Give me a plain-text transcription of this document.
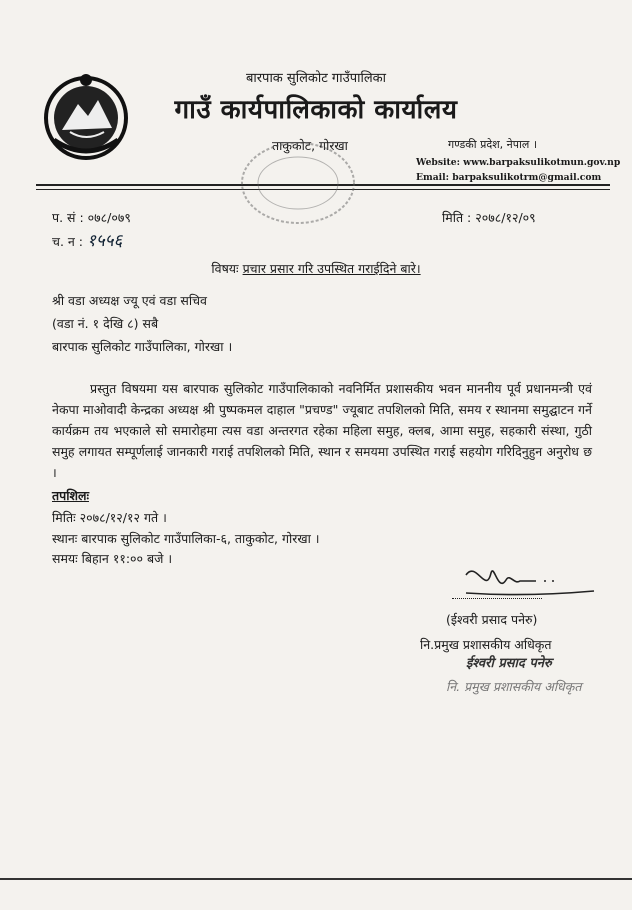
बारपाक सुलिकोट गाउँपालिका
गाउँ कार्यपालिकाको कार्यालय
ताकुकोट, गोरखा	गण्डकी प्रदेश, नेपाल ।
Website: www.barpaksulikotmun.gov.np
Email: barpaksulikotrm@gmail.com
प. सं : ०७८/०७९
च. न : १५५६
मिति : २०७८/१२/०९
विषयः प्रचार प्रसार गरि उपस्थित गराईदिने बारे।
श्री वडा अध्यक्ष ज्यू एवं वडा सचिव
(वडा नं. १ देखि ८) सबै
बारपाक सुलिकोट गाउँपालिका, गोरखा ।
प्रस्तुत विषयमा यस बारपाक सुलिकोट गाउँपालिकाको नवनिर्मित प्रशासकीय भवन माननीय पूर्व प्रधानमन्त्री एवं नेकपा माओवादी केन्द्रका अध्यक्ष श्री पुष्पकमल दाहाल "प्रचण्ड" ज्यूबाट तपशिलको मिति, समय र स्थानमा समुद्घाटन गर्ने कार्यक्रम तय भएकाले सो समारोहमा त्यस वडा अन्तरगत रहेका महिला समुह, क्लब, आमा समुह, सहकारी संस्था, गुठी समुह लगायत सम्पूर्णलाई जानकारी गराई तपशिलको मिति, स्थान र समयमा उपस्थित गराई सहयोग गरिदिनुहुन अनुरोध छ ।
तपशिलः
मितिः २०७८/१२/१२ गते ।
स्थानः बारपाक सुलिकोट गाउँपालिका-६, ताकुकोट, गोरखा ।
समयः बिहान ११:०० बजे ।
(ईश्वरी प्रसाद पनेरु)
नि.प्रमुख प्रशासकीय अधिकृत
ईश्वरी प्रसाद पनेरु
नि. प्रमुख प्रशासकीय अधिकृत
